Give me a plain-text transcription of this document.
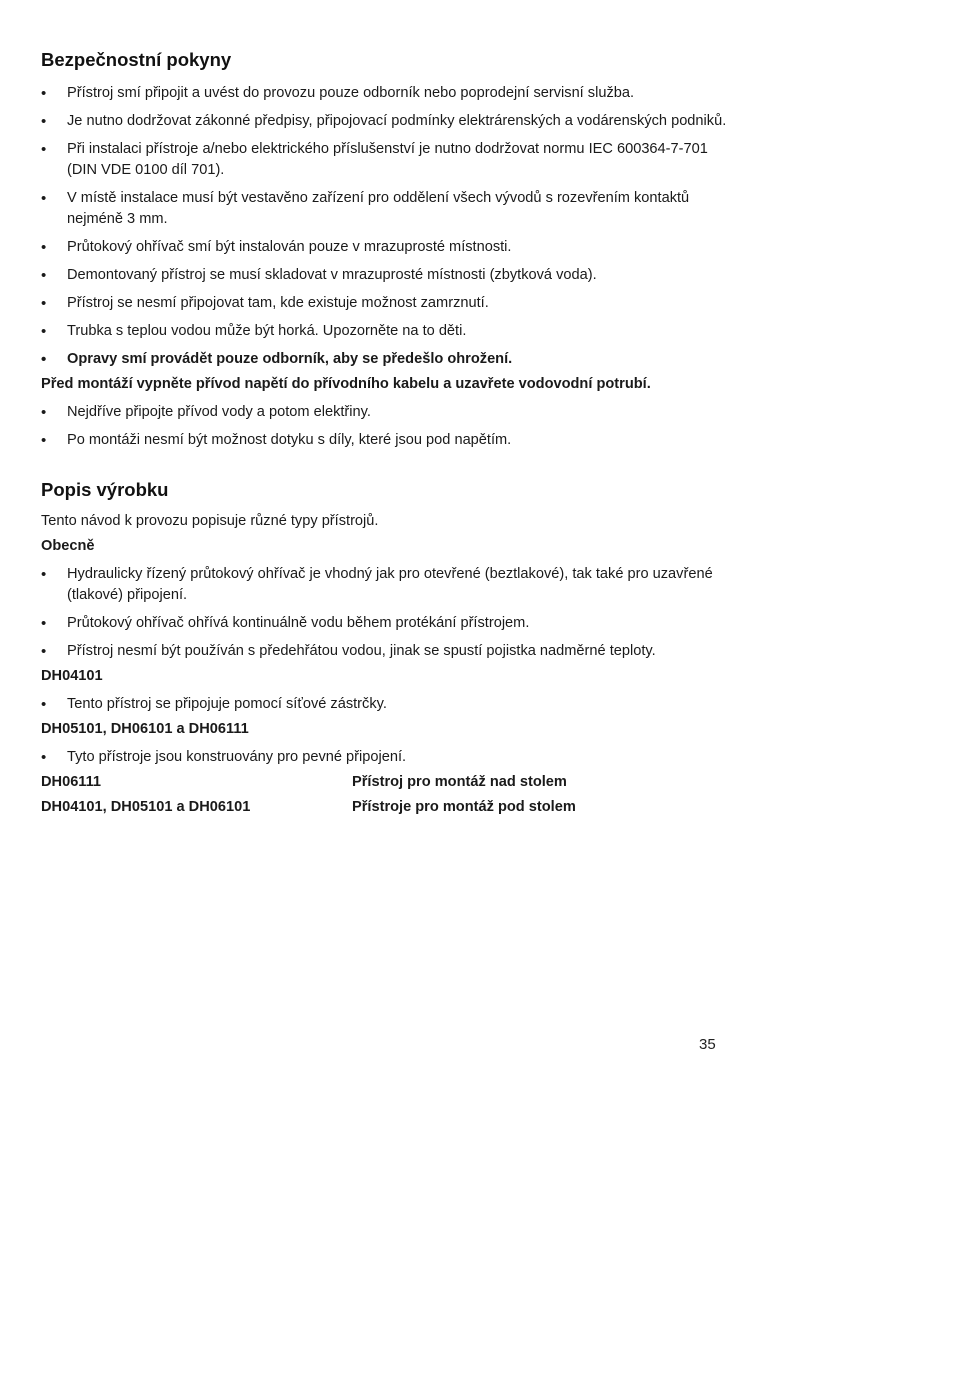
Bezpečnostní pokyny
• Přístroj smí připojit a uvést do provozu pouze odborník nebo poprodejní servisní služba.
• Je nutno dodržovat zákonné předpisy, připojovací podmínky elektrárenských a vodárenských podniků.
• Při instalaci přístroje a/nebo elektrického příslušenství je nutno dodržovat normu IEC 600364-7-701 (DIN VDE 0100 díl 701).
• V místě instalace musí být vestavěno zařízení pro oddělení všech vývodů s rozevřením kontaktů nejméně 3 mm.
• Průtokový ohřívač smí být instalován pouze v mrazuprosté místnosti.
• Demontovaný přístroj se musí skladovat v mrazuprosté místnosti (zbytková voda).
• Přístroj se nesmí připojovat tam, kde existuje možnost zamrznutí.
• Trubka s teplou vodou může být horká. Upozorněte na to děti.
• Opravy smí provádět pouze odborník, aby se předešlo ohrožení.
Před montáží vypněte přívod napětí do přívodního kabelu a uzavřete vodovodní potrubí.
• Nejdříve připojte přívod vody a potom elektřiny.
• Po montáži nesmí být možnost dotyku s díly, které jsou pod napětím.
Popis výrobku

Tento návod k provozu popisuje různé typy přístrojů.

Obecně
• Hydraulicky řízený průtokový ohřívač je vhodný jak pro otevřené (beztlakové), tak také pro uzavřené (tlakové) připojení.
• Průtokový ohřívač ohřívá kontinuálně vodu během protékání přístrojem.
• Přístroj nesmí být používán s předehřátou vodou, jinak se spustí pojistka nadměrné teploty.
DH04101
• Tento přístroj se připojuje pomocí síťové zástrčky.
DH05101, DH06101 a DH06111
• Tyto přístroje jsou konstruovány pro pevné připojení.
DH06111	Přístroj pro montáž nad stolem
DH04101, DH05101 a DH06101	Přístroje pro montáž pod stolem
35
